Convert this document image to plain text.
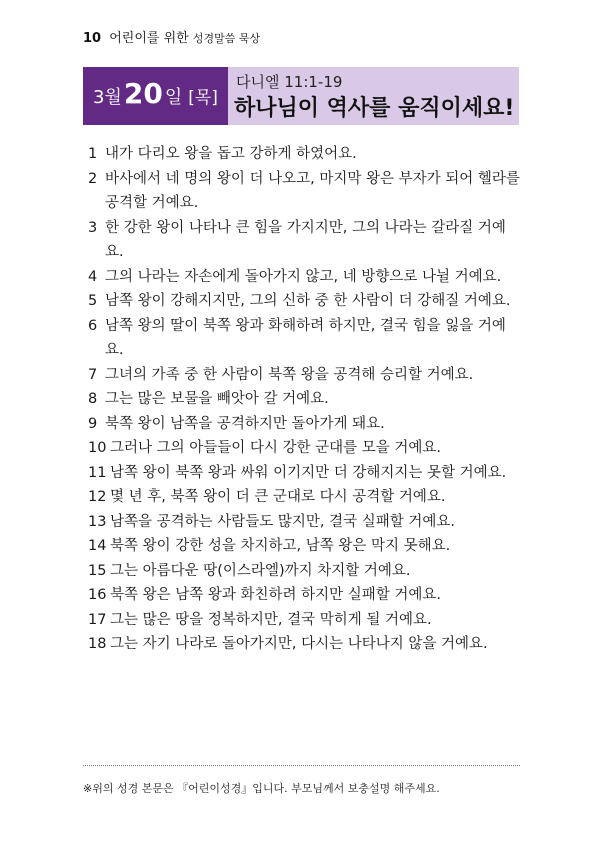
10 어린이를 위한 성경말씀 묵상
3 월 20 일 [목]
다니엘 11:1-19
하나님이 역사를 움직이세요!
1 내가 다리오 왕을 돕고 강하게 하였어요.
2 바사에서 네 명의 왕이 더 나오고, 마지막 왕은 부자가 되어 헬라를 공격할 거예요.
3 한 강한 왕이 나타나 큰 힘을 가지지만, 그의 나라는 갈라질 거예요.
4 그의 나라는 자손에게 돌아가지 않고, 네 방향으로 나뉠 거예요.
5 남쪽 왕이 강해지지만, 그의 신하 중 한 사람이 더 강해질 거예요.
6 남쪽 왕의 딸이 북쪽 왕과 화해하려 하지만, 결국 힘을 잃을 거예요.
7 그녀의 가족 중 한 사람이 북쪽 왕을 공격해 승리할 거예요.
8 그는 많은 보물을 빼앗아 갈 거예요.
9 북쪽 왕이 남쪽을 공격하지만 돌아가게 돼요.
10 그러나 그의 아들들이 다시 강한 군대를 모을 거예요.
11 남쪽 왕이 북쪽 왕과 싸워 이기지만 더 강해지지는 못할 거예요.
12 몇 년 후, 북쪽 왕이 더 큰 군대로 다시 공격할 거예요.
13 남쪽을 공격하는 사람들도 많지만, 결국 실패할 거예요.
14 북쪽 왕이 강한 성을 차지하고, 남쪽 왕은 막지 못해요.
15 그는 아름다운 땅(이스라엘)까지 차지할 거예요.
16 북쪽 왕은 남쪽 왕과 화친하려 하지만 실패할 거예요.
17 그는 많은 땅을 정복하지만, 결국 막히게 될 거예요.
18 그는 자기 나라로 돌아가지만, 다시는 나타나지 않을 거예요.
※위의 성경 본문은 『어린이성경』입니다. 부모님께서 보충설명 해주세요.
